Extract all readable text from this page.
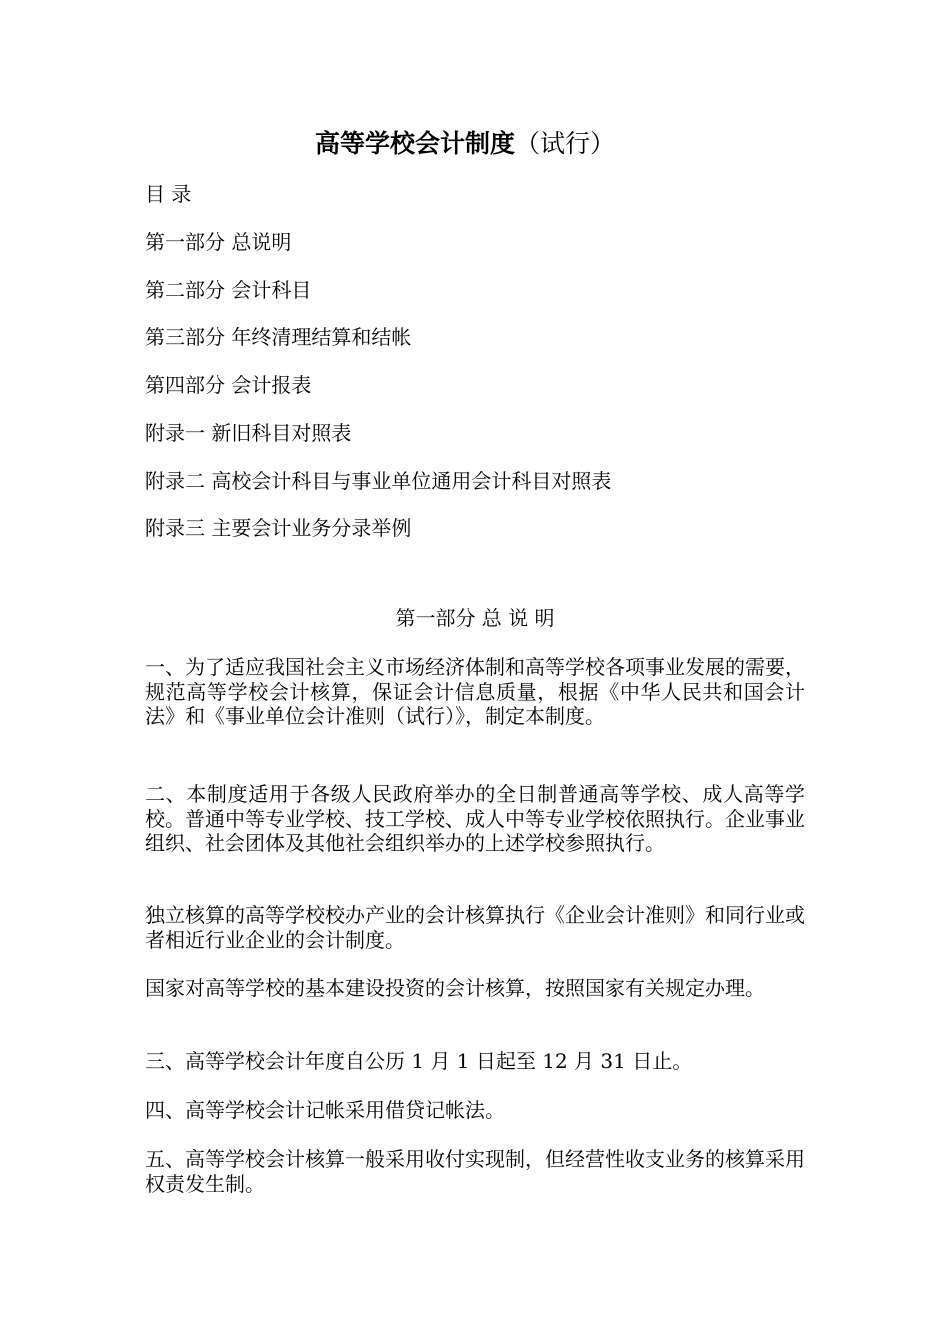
高等学校会计制度（试行）
目 录
第一部分 总说明
第二部分 会计科目
第三部分 年终清理结算和结帐
第四部分 会计报表
附录一 新旧科目对照表
附录二 高校会计科目与事业单位通用会计科目对照表
附录三 主要会计业务分录举例
第一部分 总 说 明

一、为了适应我国社会主义市场经济体制和高等学校各项事业发展的需要，规范高等学校会计核算，保证会计信息质量，根据《中华人民共和国会计法》和《事业单位会计准则（试行）》，制定本制度。

二、本制度适用于各级人民政府举办的全日制普通高等学校、成人高等学校。普通中等专业学校、技工学校、成人中等专业学校依照执行。企业事业组织、社会团体及其他社会组织举办的上述学校参照执行。

独立核算的高等学校校办产业的会计核算执行《企业会计准则》和同行业或者相近行业企业的会计制度。

国家对高等学校的基本建设投资的会计核算，按照国家有关规定办理。

三、高等学校会计年度自公历 1 月 1 日起至 12 月 31 日止。

四、高等学校会计记帐采用借贷记帐法。

五、高等学校会计核算一般采用收付实现制，但经营性收支业务的核算采用权责发生制。
